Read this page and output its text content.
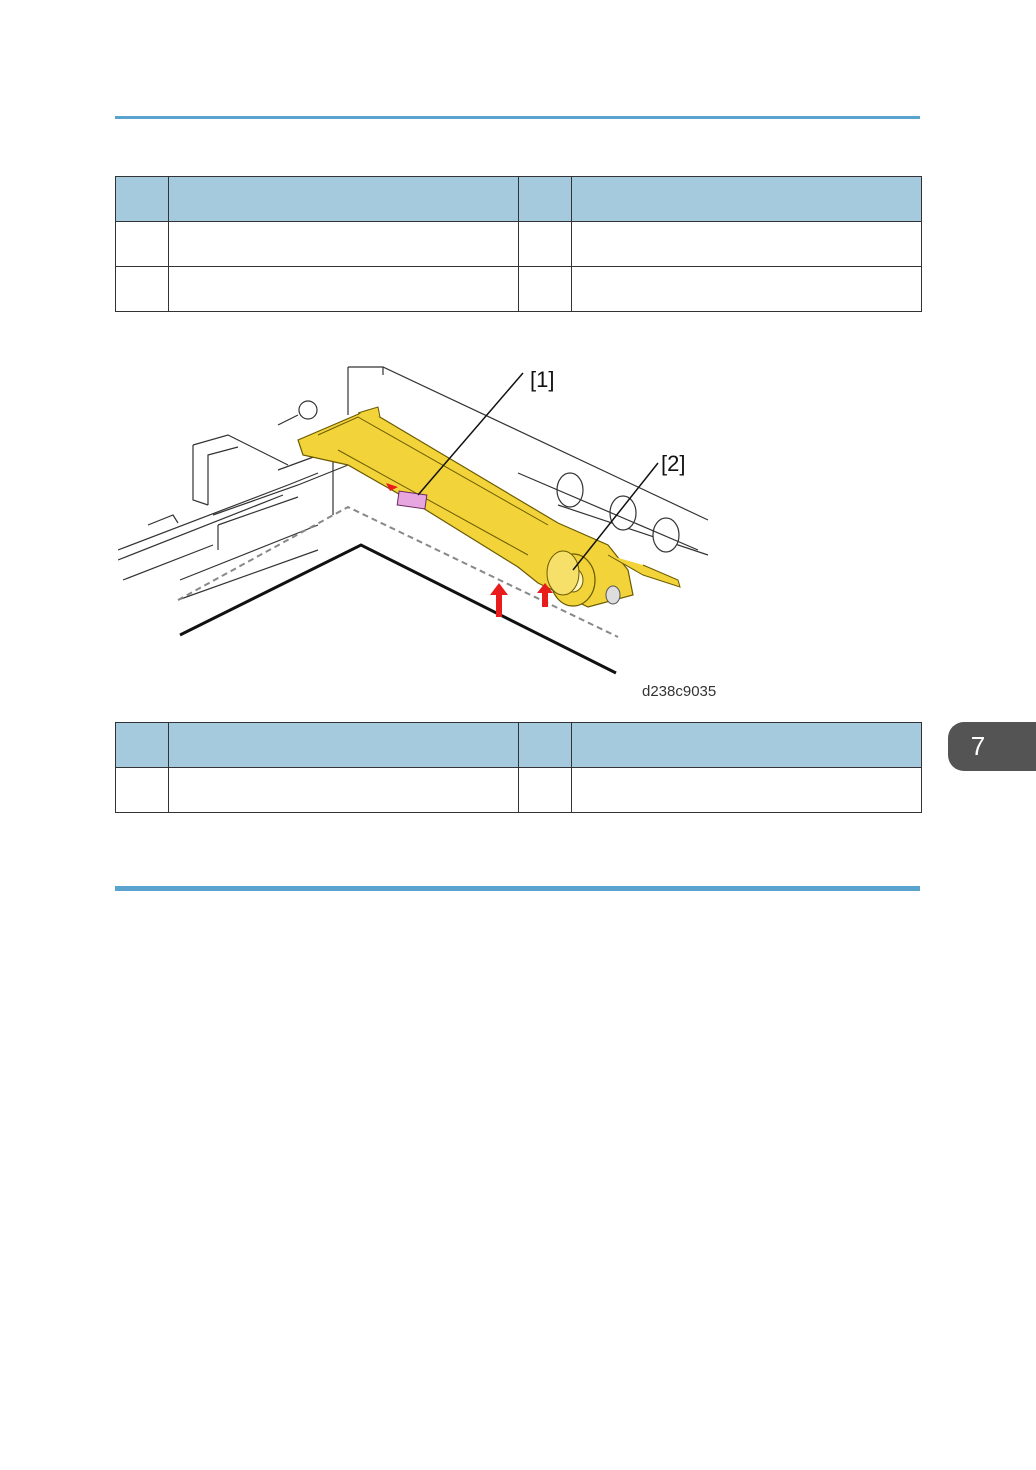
[1]
[2]
d238c9035

7
